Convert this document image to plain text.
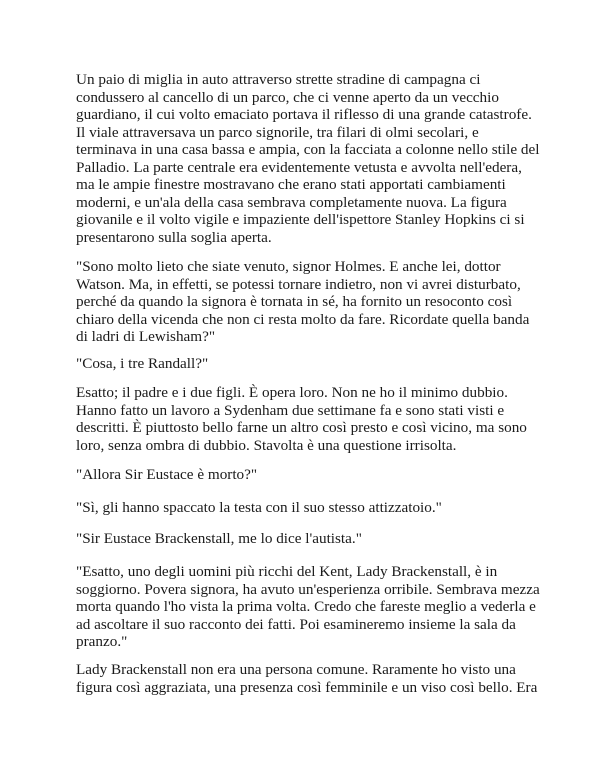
Un paio di miglia in auto attraverso strette stradine di campagna ci

condussero al cancello di un parco, che ci venne aperto da un vecchio

guardiano, il cui volto emaciato portava il riflesso di una grande catastrofe.

Il viale attraversava un parco signorile, tra filari di olmi secolari, e

terminava in una casa bassa e ampia, con la facciata a colonne nello stile del

Palladio. La parte centrale era evidentemente vetusta e avvolta nell'edera,

ma le ampie finestre mostravano che erano stati apportati cambiamenti

moderni, e un'ala della casa sembrava completamente nuova. La figura

giovanile e il volto vigile e impaziente dell'ispettore Stanley Hopkins ci si

presentarono sulla soglia aperta.

"Sono molto lieto che siate venuto, signor Holmes. E anche lei, dottor

Watson. Ma, in effetti, se potessi tornare indietro, non vi avrei disturbato,

perché da quando la signora è tornata in sé, ha fornito un resoconto così

chiaro della vicenda che non ci resta molto da fare. Ricordate quella banda

di ladri di Lewisham?"

"Cosa, i tre Randall?"

Esatto; il padre e i due figli. È opera loro. Non ne ho il minimo dubbio.

Hanno fatto un lavoro a Sydenham due settimane fa e sono stati visti e

descritti. È piuttosto bello farne un altro così presto e così vicino, ma sono

loro, senza ombra di dubbio. Stavolta è una questione irrisolta.

"Allora Sir Eustace è morto?"

"Sì, gli hanno spaccato la testa con il suo stesso attizzatoio."

"Sir Eustace Brackenstall, me lo dice l'autista."

"Esatto, uno degli uomini più ricchi del Kent, Lady Brackenstall, è in

soggiorno. Povera signora, ha avuto un'esperienza orribile. Sembrava mezza

morta quando l'ho vista la prima volta. Credo che fareste meglio a vederla e

ad ascoltare il suo racconto dei fatti. Poi esamineremo insieme la sala da

pranzo."

Lady Brackenstall non era una persona comune. Raramente ho visto una

figura così aggraziata, una presenza così femminile e un viso così bello. Era
